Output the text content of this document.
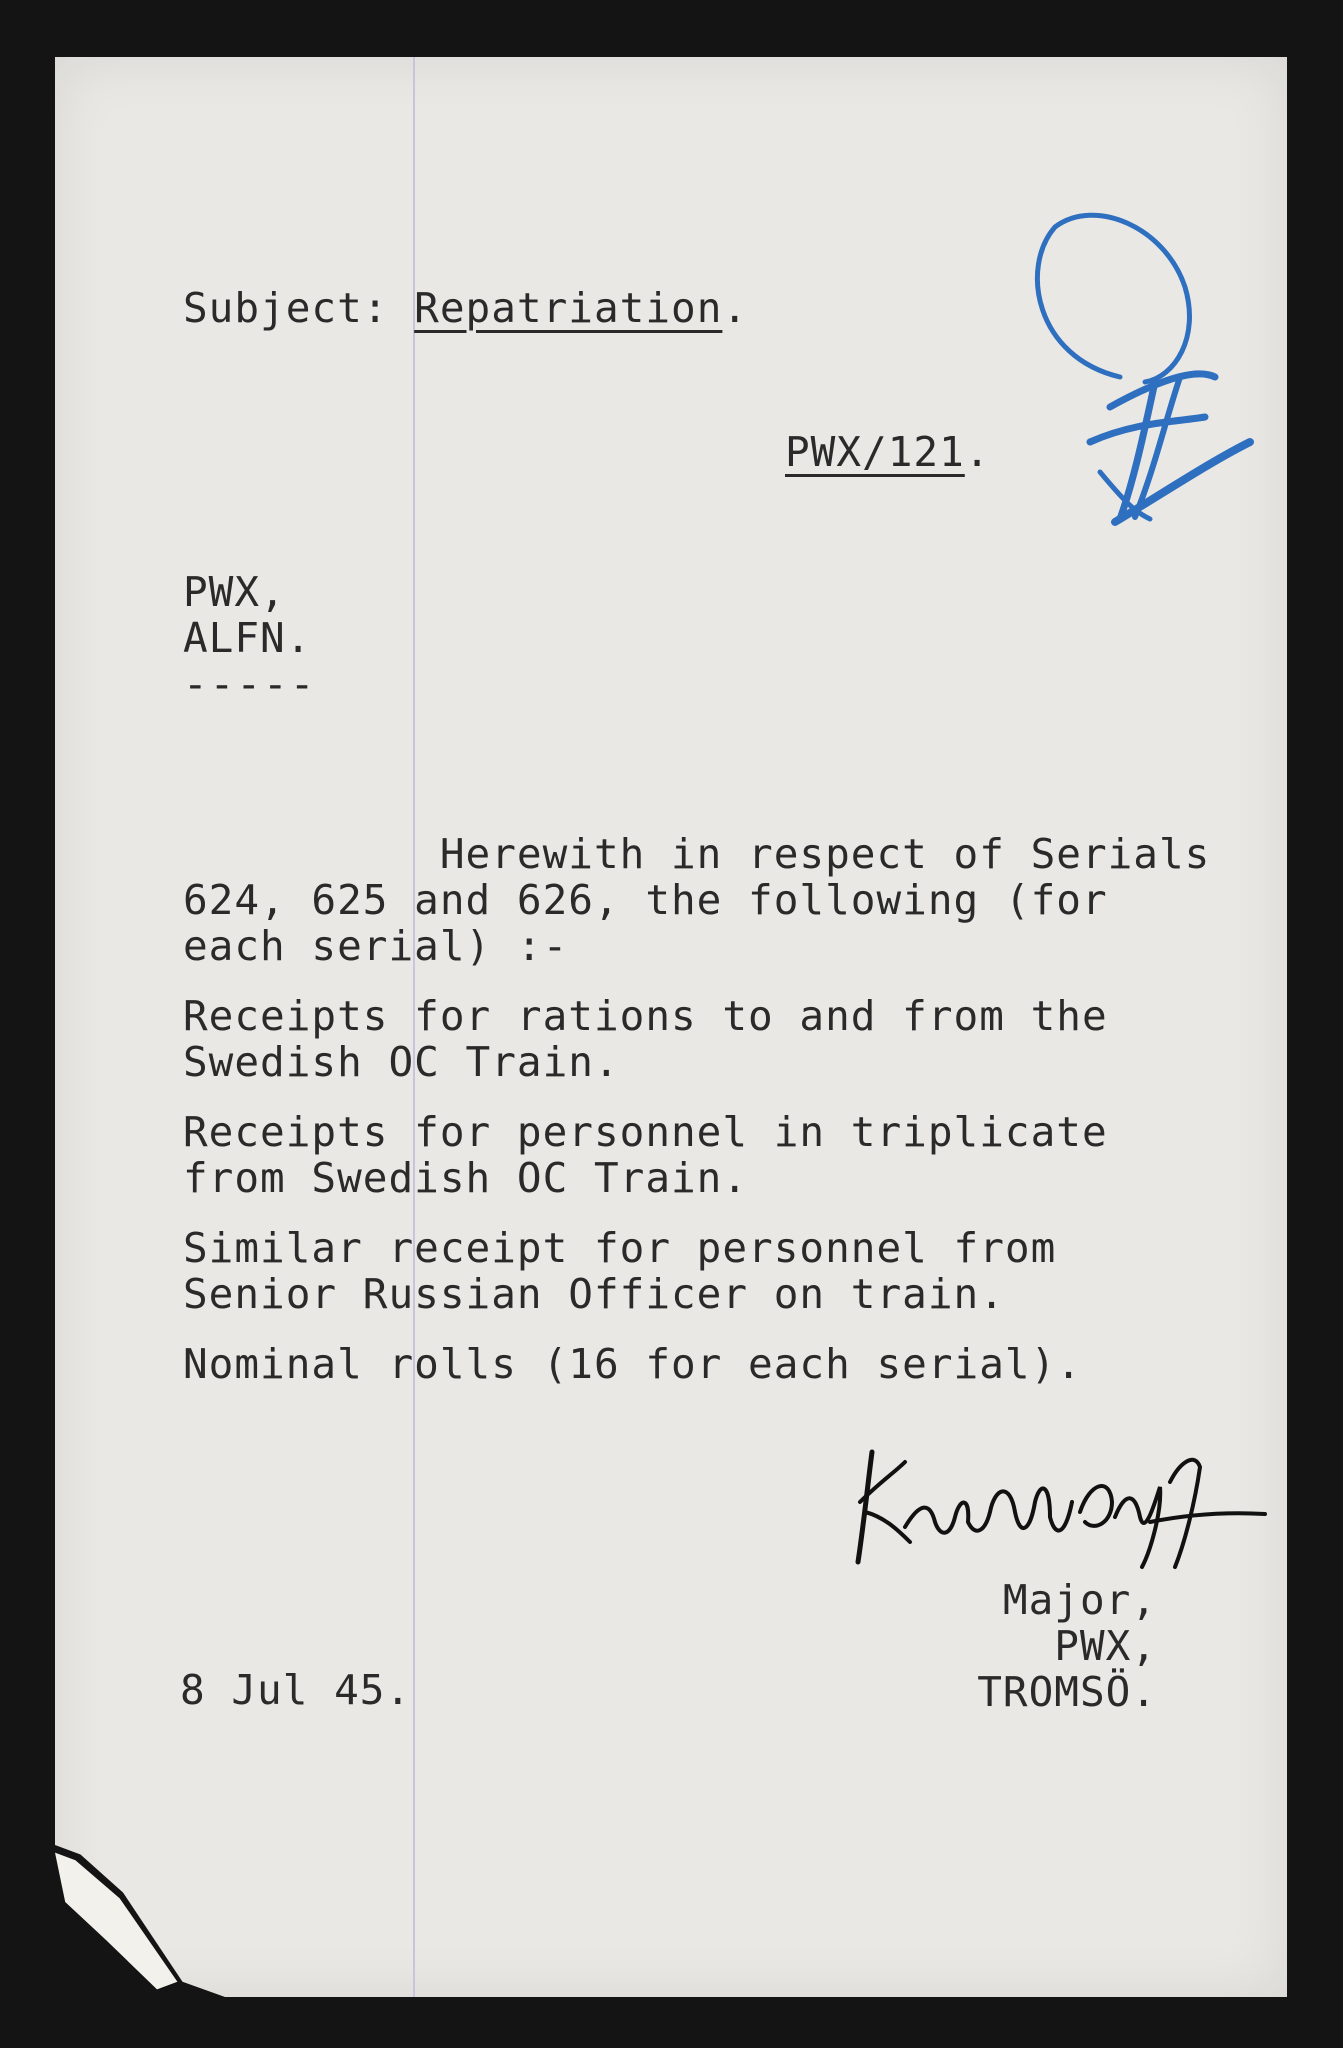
Subject: Repatriation.

PWX/121.

PWX,

ALFN.

-----

Herewith in respect of Serials

624, 625 and 626, the following (for

each serial) :-

Receipts for rations to and from the

Swedish OC Train.

Receipts for personnel in triplicate

from Swedish OC Train.

Similar receipt for personnel from

Senior Russian Officer on train.

Nominal rolls (16 for each serial).

Major,

PWX,

TROMSÖ.

8 Jul 45.
